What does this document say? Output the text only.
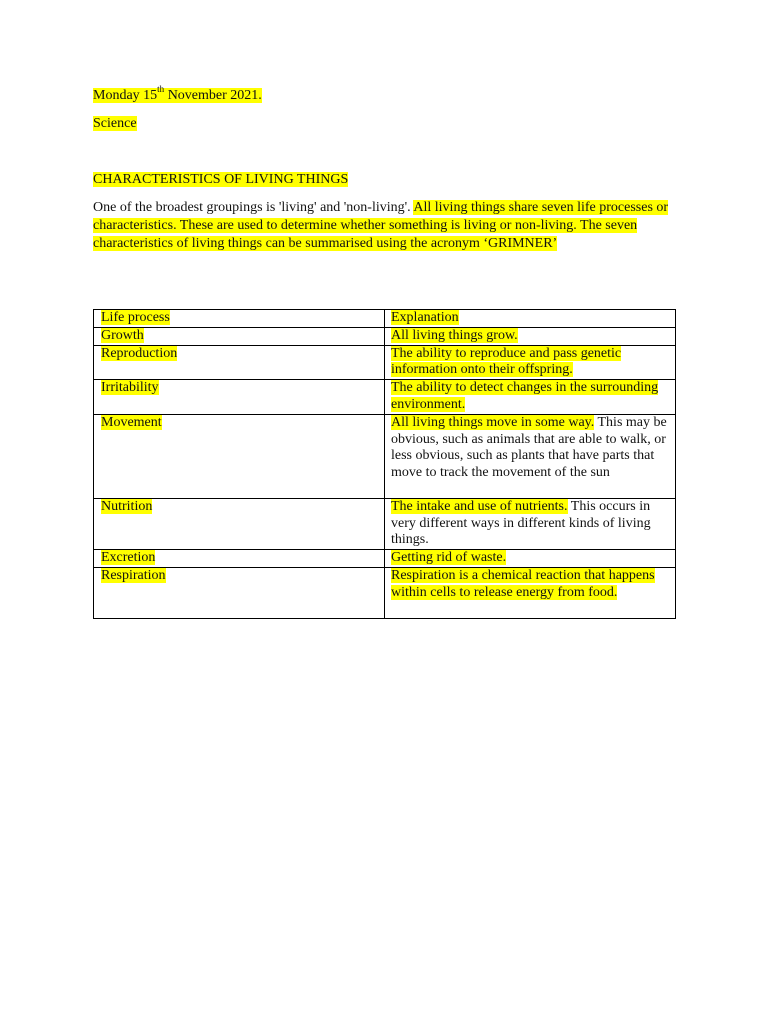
Monday 15th November 2021.
Science
CHARACTERISTICS OF LIVING THINGS
One of the broadest groupings is 'living' and 'non-living'. All living things share seven life processes or characteristics. These are used to determine whether something is living or non-living. The seven characteristics of living things can be summarised using the acronym ‘GRIMNER’
Life process	Explanation
Growth	All living things grow.
Reproduction	The ability to reproduce and pass genetic information onto their offspring.
Irritability	The ability to detect changes in the surrounding environment.
Movement	All living things move in some way. This may be obvious, such as animals that are able to walk, or less obvious, such as plants that have parts that move to track the movement of the sun
Nutrition	The intake and use of nutrients. This occurs in very different ways in different kinds of living things.
Excretion	Getting rid of waste.
Respiration	Respiration is a chemical reaction that happens within cells to release energy from food.
